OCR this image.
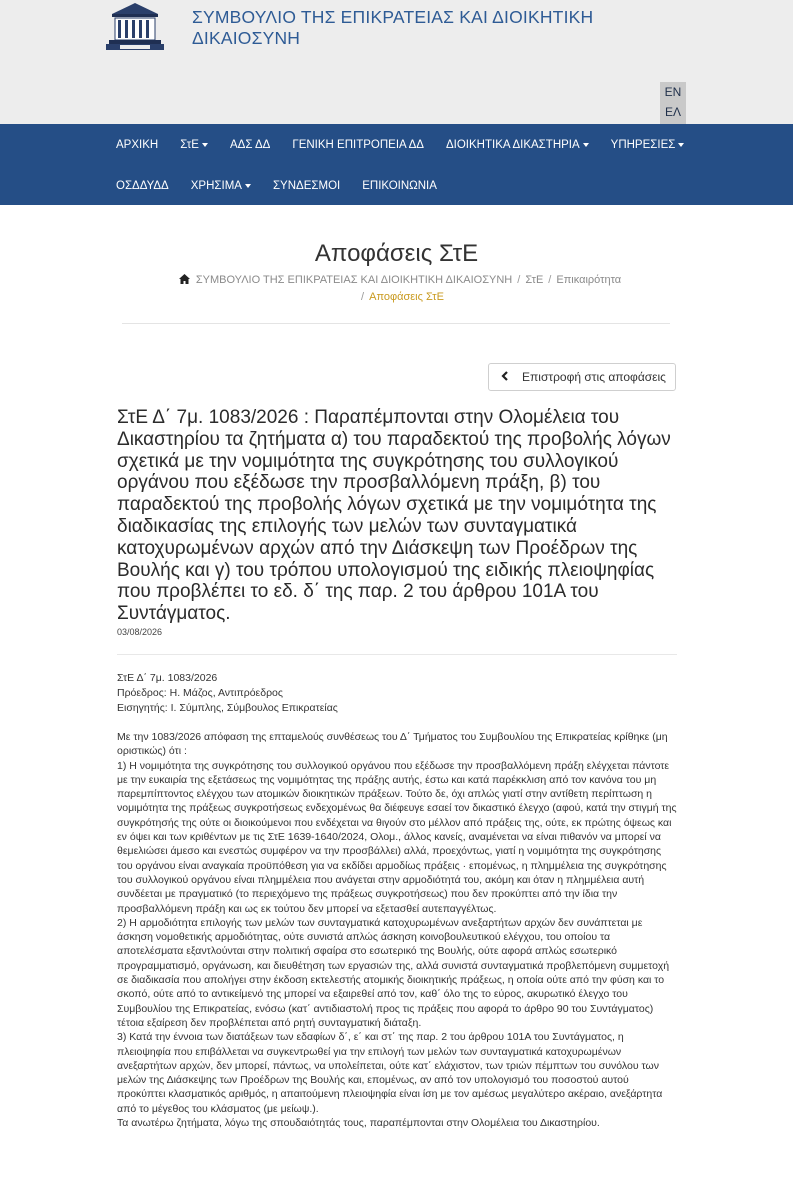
ΣΥΜΒΟΥΛΙΟ ΤΗΣ ΕΠΙΚΡΑΤΕΙΑΣ ΚΑΙ ΔΙΟΙΚΗΤΙΚΗ ΔΙΚΑΙΟΣΥΝΗ
EN
ΕΛ
ΑΡΧΙΚΗ ΣτΕ	ΑΔΣ ΔΔ ΓΕΝΙΚΗ ΕΠΙΤΡΟΠΕΙΑ ΔΔ ΔΙΟΙΚΗΤΙΚΑ ΔΙΚΑΣΤΗΡΙΑ	ΥΠΗΡΕΣΙΕΣ
ΟΣΔΔΥΔΔ ΧΡΗΣΙΜΑ	ΣΥΝΔΕΣΜΟΙ ΕΠΙΚΟΙΝΩΝΙΑ
Αποφάσεις ΣτΕ
ΣΥΜΒΟΥΛΙΟ ΤΗΣ ΕΠΙΚΡΑΤΕΙΑΣ ΚΑΙ ΔΙΟΙΚΗΤΙΚΗ ΔΙΚΑΙΟΣΥΝΗ / ΣτΕ / Επικαιρότητα
/ Αποφάσεις ΣτΕ
Επιστροφή στις αποφάσεις
ΣτΕ Δ΄ 7μ. 1083/2026 : Παραπέμπονται στην Ολομέλεια του Δικαστηρίου τα ζητήματα α) του παραδεκτού της προβολής λόγων σχετικά με την νομιμότητα της συγκρότησης του συλλογικού οργάνου που εξέδωσε την προσβαλλόμενη πράξη, β) του παραδεκτού της προβολής λόγων σχετικά με την νομιμότητα της διαδικασίας της επιλογής των μελών των συνταγματικά κατοχυρωμένων αρχών από την Διάσκεψη των Προέδρων της Βουλής και γ) του τρόπου υπολογισμού της ειδικής πλειοψηφίας που προβλέπει το εδ. δ΄ της παρ. 2 του άρθρου 101Α του Συντάγματος.
03/08/2026
ΣτΕ Δ΄ 7μ. 1083/2026
Πρόεδρος: Η. Μάζος, Αντιπρόεδρος
Εισηγητής: Ι. Σύμπλης, Σύμβουλος Επικρατείας

Με την 1083/2026 απόφαση της επταμελούς συνθέσεως του Δ΄ Τμήματος του Συμβουλίου της Επικρατείας κρίθηκε (μη οριστικώς) ότι :

1) Η νομιμότητα της συγκρότησης του συλλογικού οργάνου που εξέδωσε την προσβαλλόμενη πράξη ελέγχεται πάντοτε με την ευκαιρία της εξετάσεως της νομιμότητας της πράξης αυτής, έστω και κατά παρέκκλιση από τον κανόνα του μη παρεμπίπτοντος ελέγχου των ατομικών διοικητικών πράξεων. Τούτο δε, όχι απλώς γιατί στην αντίθετη περίπτωση η νομιμότητα της πράξεως συγκροτήσεως ενδεχομένως θα διέφευγε εσαεί τον δικαστικό έλεγχο (αφού, κατά την στιγμή της συγκρότησής της ούτε οι διοικούμενοι που ενδέχεται να θιγούν στο μέλλον από πράξεις της, ούτε, εκ πρώτης όψεως και εν όψει και των κριθέντων με τις ΣτΕ 1639-1640/2024, Ολομ., άλλος κανείς, αναμένεται να είναι πιθανόν να μπορεί να θεμελιώσει άμεσο και ενεστώς συμφέρον να την προσβάλλει) αλλά, προεχόντως, γιατί η νομιμότητα της συγκρότησης του οργάνου είναι αναγκαία προϋπόθεση για να εκδίδει αρμοδίως πράξεις · επομένως, η πλημμέλεια της συγκρότησης του συλλογικού οργάνου είναι πλημμέλεια που ανάγεται στην αρμοδιότητά του, ακόμη και όταν η πλημμέλεια αυτή συνδέεται με πραγματικό (το περιεχόμενο της πράξεως συγκροτήσεως) που δεν προκύπτει από την ίδια την προσβαλλόμενη πράξη και ως εκ τούτου δεν μπορεί να εξετασθεί αυτεπαγγέλτως.

2) Η αρμοδιότητα επιλογής των μελών των συνταγματικά κατοχυρωμένων ανεξαρτήτων αρχών δεν συνάπτεται με άσκηση νομοθετικής αρμοδιότητας, ούτε συνιστά απλώς άσκηση κοινοβουλευτικού ελέγχου, του οποίου τα αποτελέσματα εξαντλούνται στην πολιτική σφαίρα στο εσωτερικό της Βουλής, ούτε αφορά απλώς εσωτερικό προγραμματισμό, οργάνωση, και διευθέτηση των εργασιών της, αλλά συνιστά συνταγματικά προβλεπόμενη συμμετοχή σε διαδικασία που απολήγει στην έκδοση εκτελεστής ατομικής διοικητικής πράξεως, η οποία ούτε από την φύση και το σκοπό, ούτε από το αντικείμενό της μπορεί να εξαιρεθεί από τον, καθ΄ όλο της το εύρος, ακυρωτικό έλεγχο του Συμβουλίου της Επικρατείας, ενόσω (κατ΄ αντιδιαστολή προς τις πράξεις που αφορά το άρθρο 90 του Συντάγματος) τέτοια εξαίρεση δεν προβλέπεται από ρητή συνταγματική διάταξη.

3) Κατά την έννοια των διατάξεων των εδαφίων δ΄, ε΄ και στ΄ της παρ. 2 του άρθρου 101Α του Συντάγματος, η πλειοψηφία που επιβάλλεται να συγκεντρωθεί για την επιλογή των μελών των συνταγματικά κατοχυρωμένων ανεξαρτήτων αρχών, δεν μπορεί, πάντως, να υπολείπεται, ούτε κατ΄ ελάχιστον, των τριών πέμπτων του συνόλου των μελών της Διάσκεψης των Προέδρων της Βουλής και, επομένως, αν από τον υπολογισμό του ποσοστού αυτού προκύπτει κλασματικός αριθμός, η απαιτούμενη πλειοψηφία είναι ίση με τον αμέσως μεγαλύτερο ακέραιο, ανεξάρτητα από το μέγεθος του κλάσματος (με μείωψ.).

Τα ανωτέρω ζητήματα, λόγω της σπουδαιότητάς τους, παραπέμπονται στην Ολομέλεια του Δικαστηρίου.
